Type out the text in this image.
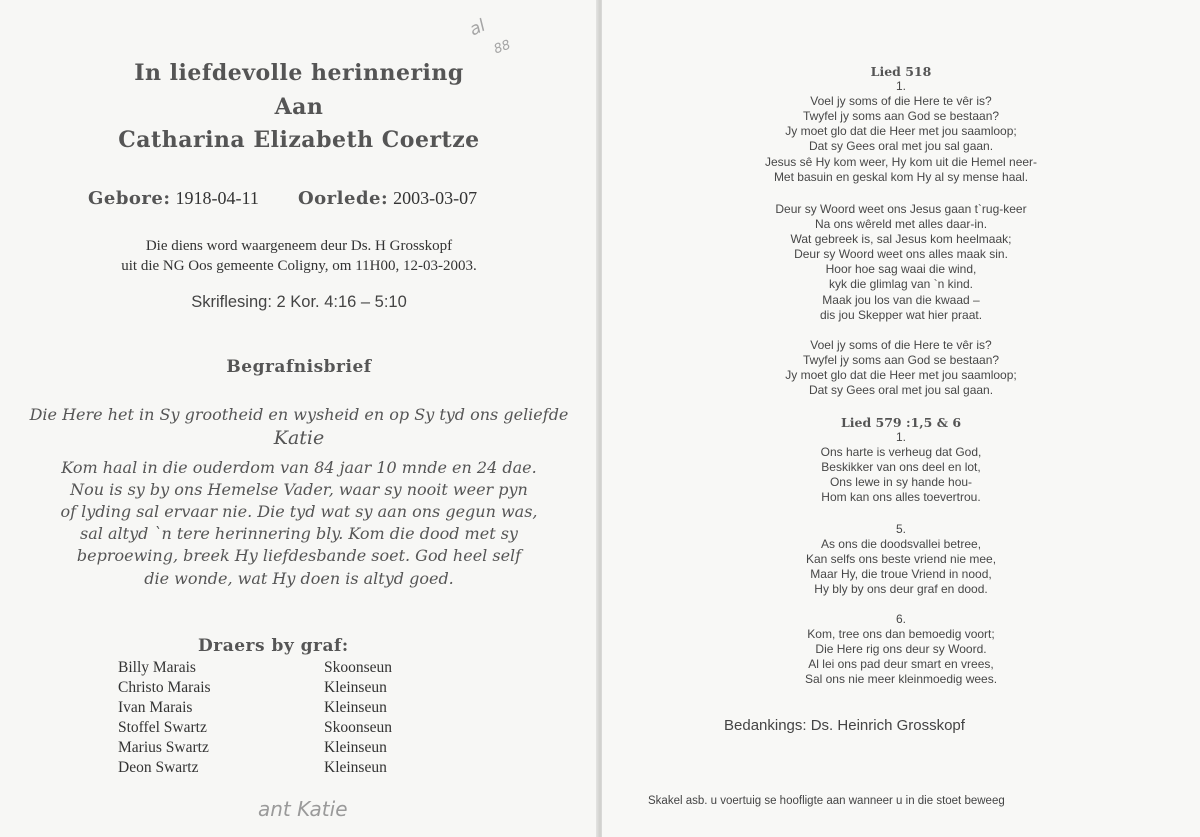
In liefdevolle herinnering
Aan
Catharina Elizabeth Coertze
Gebore: 1918-04-11 Oorlede: 2003-03-07
Die diens word waargeneem deur Ds. H Grosskopf
uit die NG Oos gemeente Coligny, om 11H00, 12-03-2003.
Skriflesing: 2 Kor. 4:16 – 5:10
Begrafnisbrief
Die Here het in Sy grootheid en wysheid en op Sy tyd ons geliefde
Katie
Kom haal in die ouderdom van 84 jaar 10 mnde en 24 dae.
Nou is sy by ons Hemelse Vader, waar sy nooit weer pyn
of lyding sal ervaar nie. Die tyd wat sy aan ons gegun was,
sal altyd `n tere herinnering bly. Kom die dood met sy
beproewing, breek Hy liefdesbande soet. God heel self
die wonde, wat Hy doen is altyd goed.
Draers by graf:
Billy Marais	Skoonseun
Christo Marais	Kleinseun
Ivan Marais	Kleinseun
Stoffel Swartz	Skoonseun
Marius Swartz	Kleinseun
Deon Swartz	Kleinseun
ant Katie
al
88
Lied 518
1.
Voel jy soms of die Here te vêr is?
Twyfel jy soms aan God se bestaan?
Jy moet glo dat die Heer met jou saamloop;
Dat sy Gees oral met jou sal gaan.
Jesus sê Hy kom weer, Hy kom uit die Hemel neer-
Met basuin en geskal kom Hy al sy mense haal.
Deur sy Woord weet ons Jesus gaan t`rug-keer
Na ons wêreld met alles daar-in.
Wat gebreek is, sal Jesus kom heelmaak;
Deur sy Woord weet ons alles maak sin.
Hoor hoe sag waai die wind,
kyk die glimlag van `n kind.
Maak jou los van die kwaad –
dis jou Skepper wat hier praat.
Voel jy soms of die Here te vêr is?
Twyfel jy soms aan God se bestaan?
Jy moet glo dat die Heer met jou saamloop;
Dat sy Gees oral met jou sal gaan.
Lied 579 :1,5 & 6
1.
Ons harte is verheug dat God,
Beskikker van ons deel en lot,
Ons lewe in sy hande hou-
Hom kan ons alles toevertrou.
5.
As ons die doodsvallei betree,
Kan selfs ons beste vriend nie mee,
Maar Hy, die troue Vriend in nood,
Hy bly by ons deur graf en dood.
6.
Kom, tree ons dan bemoedig voort;
Die Here rig ons deur sy Woord.
Al lei ons pad deur smart en vrees,
Sal ons nie meer kleinmoedig wees.
Bedankings: Ds. Heinrich Grosskopf
Skakel asb. u voertuig se hoofligte aan wanneer u in die stoet beweeg
